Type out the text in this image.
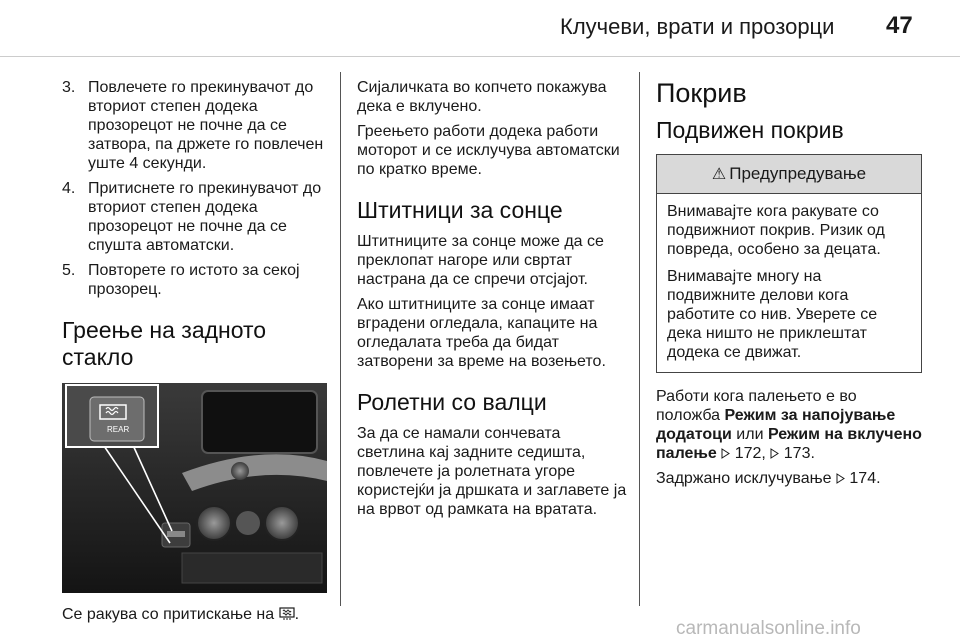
Клучеви, врати и прозорци 47
3. Повлечете го прекинувачот до вториот степен додека прозорецот не почне да се затвора, па држете го повлечен уште 4 секунди.
4. Притиснете го прекинувачот до вториот степен додека прозорецот не почне да се спушта автоматски.
5. Повторете го истото за секој прозорец.
Греење на задното стакло
REAR

Се ракува со притискање на .

Сијаличката во копчето покажува дека е вклучено.

Греењето работи додека работи моторот и се исклучува автоматски по кратко време.

Штитници за сонце

Штитниците за сонце може да се преклопат нагоре или свртат настрана да се спречи отсјајот.

Ако штитниците за сонце имаат вградени огледала, капаците на огледалата треба да бидат затворени за време на возењето.

Ролетни со валци

За да се намали сончевата светлина кај задните седишта, повлечете ја ролетната угоре користејќи ја дршката и заглавете ја на врвот од рамката на вратата.

Покрив
Подвижен покрив
⚠ Предупредување

Внимавајте кога ракувате со подвижниот покрив. Ризик од повреда, особено за децата.

Внимавајте многу на подвижните делови кога работите со нив. Уверете се дека ништо не приклештат додека се движат.

Работи кога палењето е во положба Режим за напојување додатоци или Режим на вклучено палење 172, 173.

Задржано исклучување 174.

carmanualsonline.info
